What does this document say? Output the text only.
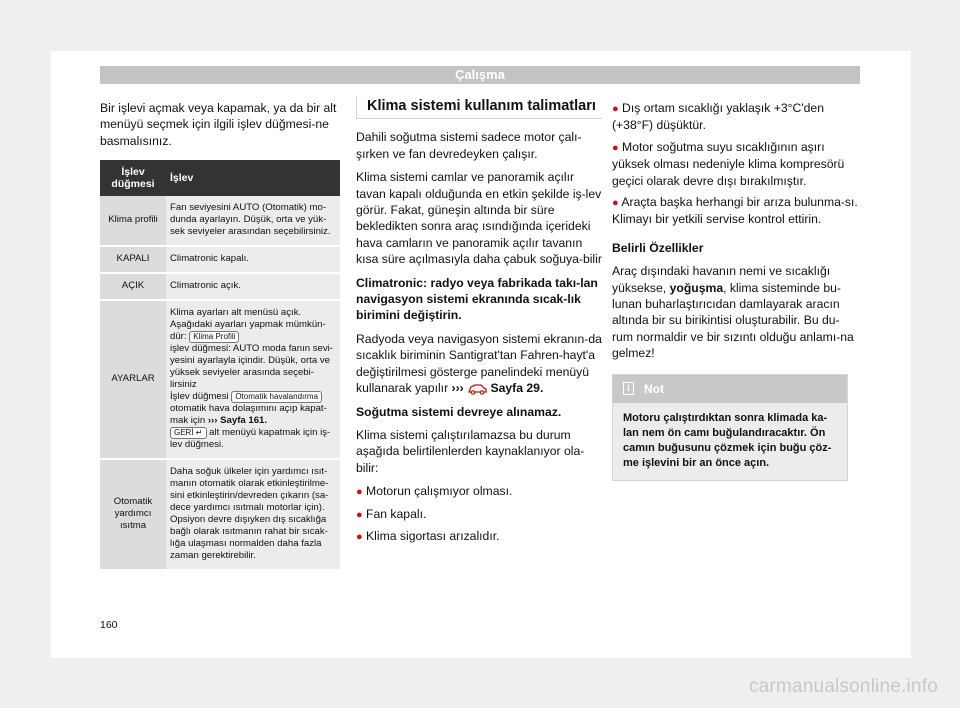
Çalışma

Bir işlevi açmak veya kapamak, ya da bir alt menüyü seçmek için ilgili işlev düğmesi-ne basmalısınız.

İşlev düğmesi	İşlev
Klima profili	Fan seviyesini AUTO (Otomatik) mo-dunda ayarlayın. Düşük, orta ve yük-sek seviyeler arasından seçebilirsiniz.
KAPALI	Climatronic kapalı.
AÇIK	Climatronic açık.
AYARLAR	Klima ayarları alt menüsü açık. Aşağıdaki ayarları yapmak mümkün-dür: Klima Profili
işlev düğmesi: AUTO moda fanın sevi-yesini ayarlayla içindir. Düşük, orta ve yüksek seviyeler arasında seçebi-lirsiniz
İşlev düğmesi Otomatik havalandırma otomatik hava dolaşımını açıp kapat-mak için ››› Sayfa 161.
GERİ ↵ alt menüyü kapatmak için iş-lev düğmesi.
Otomatik yardımcı ısıtma	Daha soğuk ülkeler için yardımcı ısıt-manın otomatik olarak etkinleştirilme-sini etkinleştirin/devreden çıkarın (sa-dece yardımcı ısıtmalı motorlar için). Opsiyon devre dışıyken dış sıcaklığa bağlı olarak ısıtmanın rahat bir sıcak-lığa ulaşması normalden daha fazla zaman gerektirebilir.
Klima sistemi kullanım talimatları

Dahili soğutma sistemi sadece motor çalı-şırken ve fan devredeyken çalışır.

Klima sistemi camlar ve panoramik açılır tavan kapalı olduğunda en etkin şekilde iş-lev görür. Fakat, güneşin altında bir süre bekledikten sonra araç ısındığında içerideki hava camların ve panoramik açılır tavanın kısa süre açılmasıyla daha çabuk soğuya-bilir

Climatronic: radyo veya fabrikada takı-lan navigasyon sistemi ekranında sıcak-lık birimini değiştirin.

Radyoda veya navigasyon sistemi ekranın-da sıcaklık biriminin Santigrat'tan Fahren-hayt'a değiştirilmesi gösterge panelindeki menüyü kullanarak yapılır ››› Sayfa 29.

Soğutma sistemi devreye alınamaz.

Klima sistemi çalıştırılamazsa bu durum aşağıda belirtilenlerden kaynaklanıyor ola-bilir:

● Motorun çalışmıyor olması.
● Fan kapalı.
● Klima sigortası arızalıdır.
● Dış ortam sıcaklığı yaklaşık +3°C'den (+38°F) düşüktür.
● Motor soğutma suyu sıcaklığının aşırı yüksek olması nedeniyle klima kompresörü geçici olarak devre dışı bırakılmıştır.
● Araçta başka herhangi bir arıza bulunma-sı. Klimayı bir yetkili servise kontrol ettirin.

Belirli Özellikler

Araç dışındaki havanın nemi ve sıcaklığı yüksekse, yoğuşma, klima sisteminde bu-lunan buharlaştırıcıdan damlayarak aracın altında bir su birikintisi oluşturabilir. Bu du-rum normaldir ve bir sızıntı olduğu anlamı-na gelmez!

i	Not
Motoru çalıştırdıktan sonra klimada ka-lan nem ön camı buğulandıracaktır. Ön camın buğusunu çözmek için buğu çöz-me işlevini bir an önce açın.
160
carmanualsonline.info
